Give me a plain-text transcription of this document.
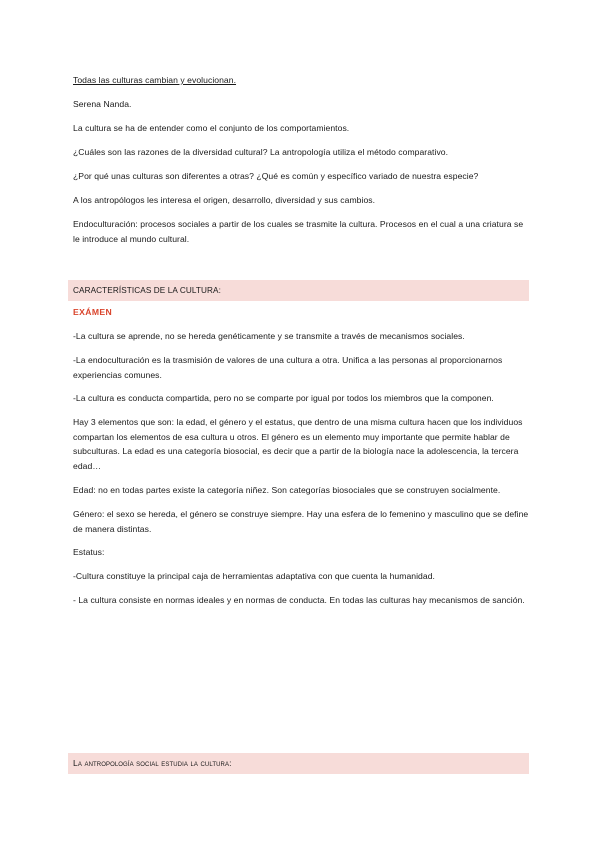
Todas las culturas cambian y evolucionan.
Serena Nanda.
La cultura se ha de entender como el conjunto de los comportamientos.
¿Cuáles son las razones de la diversidad cultural? La antropología utiliza el método comparativo.
¿Por qué unas culturas son diferentes a otras? ¿Qué es común y específico variado de nuestra especie?
A los antropólogos les interesa el origen, desarrollo, diversidad y sus cambios.
Endoculturación: procesos sociales a partir de los cuales se trasmite la cultura. Procesos en el cual a una criatura se le introduce al mundo cultural.
CARACTERÍSTICAS DE LA CULTURA:
EXÁMEN
-La cultura se aprende, no se hereda genéticamente y se transmite a través de mecanismos sociales.
-La endoculturación es la trasmisión de valores de una cultura a otra. Unifica a las personas al proporcionarnos experiencias comunes.
-La cultura es conducta compartida, pero no se comparte por igual por todos los miembros que la componen.
Hay 3 elementos que son: la edad, el género y el estatus, que dentro de una misma cultura hacen que los individuos compartan los elementos de esa cultura u otros. El género es un elemento muy importante que permite hablar de subculturas. La edad es una categoría biosocial, es decir que a partir de la biología nace la adolescencia, la tercera edad…
Edad: no en todas partes existe la categoría niñez. Son categorías biosociales que se construyen socialmente.
Género: el sexo se hereda, el género se construye siempre. Hay una esfera de lo femenino y masculino que se define de manera distintas.
Estatus:
-Cultura constituye la principal caja de herramientas adaptativa con que cuenta la humanidad.
- La cultura consiste en normas ideales y en normas de conducta. En todas las culturas hay mecanismos de sanción.
La antropología social estudia la cultura:
